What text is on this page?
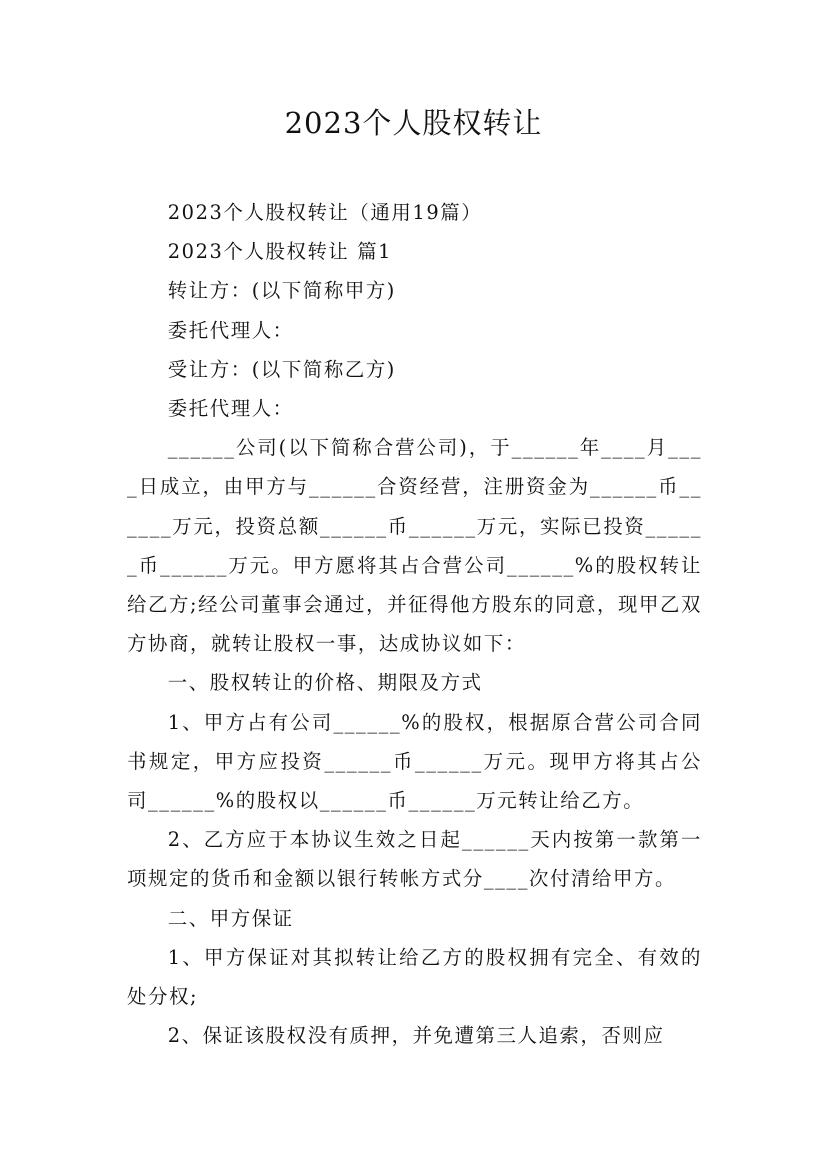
2023个人股权转让

2023个人股权转让（通用19篇）

2023个人股权转让 篇1

转让方：(以下简称甲方)

委托代理人：

受让方：(以下简称乙方)

委托代理人：

______公司(以下简称合营公司)，于______年____月____日成立，由甲方与______合资经营，注册资金为______币______万元，投资总额______币______万元，实际已投资______币______万元。甲方愿将其占合营公司______%的股权转让给乙方;经公司董事会通过，并征得他方股东的同意，现甲乙双方协商，就转让股权一事，达成协议如下：

一、股权转让的价格、期限及方式

1、甲方占有公司______%的股权，根据原合营公司合同书规定，甲方应投资______币______万元。现甲方将其占公司______%的股权以______币______万元转让给乙方。

2、乙方应于本协议生效之日起______天内按第一款第一项规定的货币和金额以银行转帐方式分____次付清给甲方。

二、甲方保证

1、甲方保证对其拟转让给乙方的股权拥有完全、有效的处分权;

2、保证该股权没有质押，并免遭第三人追索，否则应
